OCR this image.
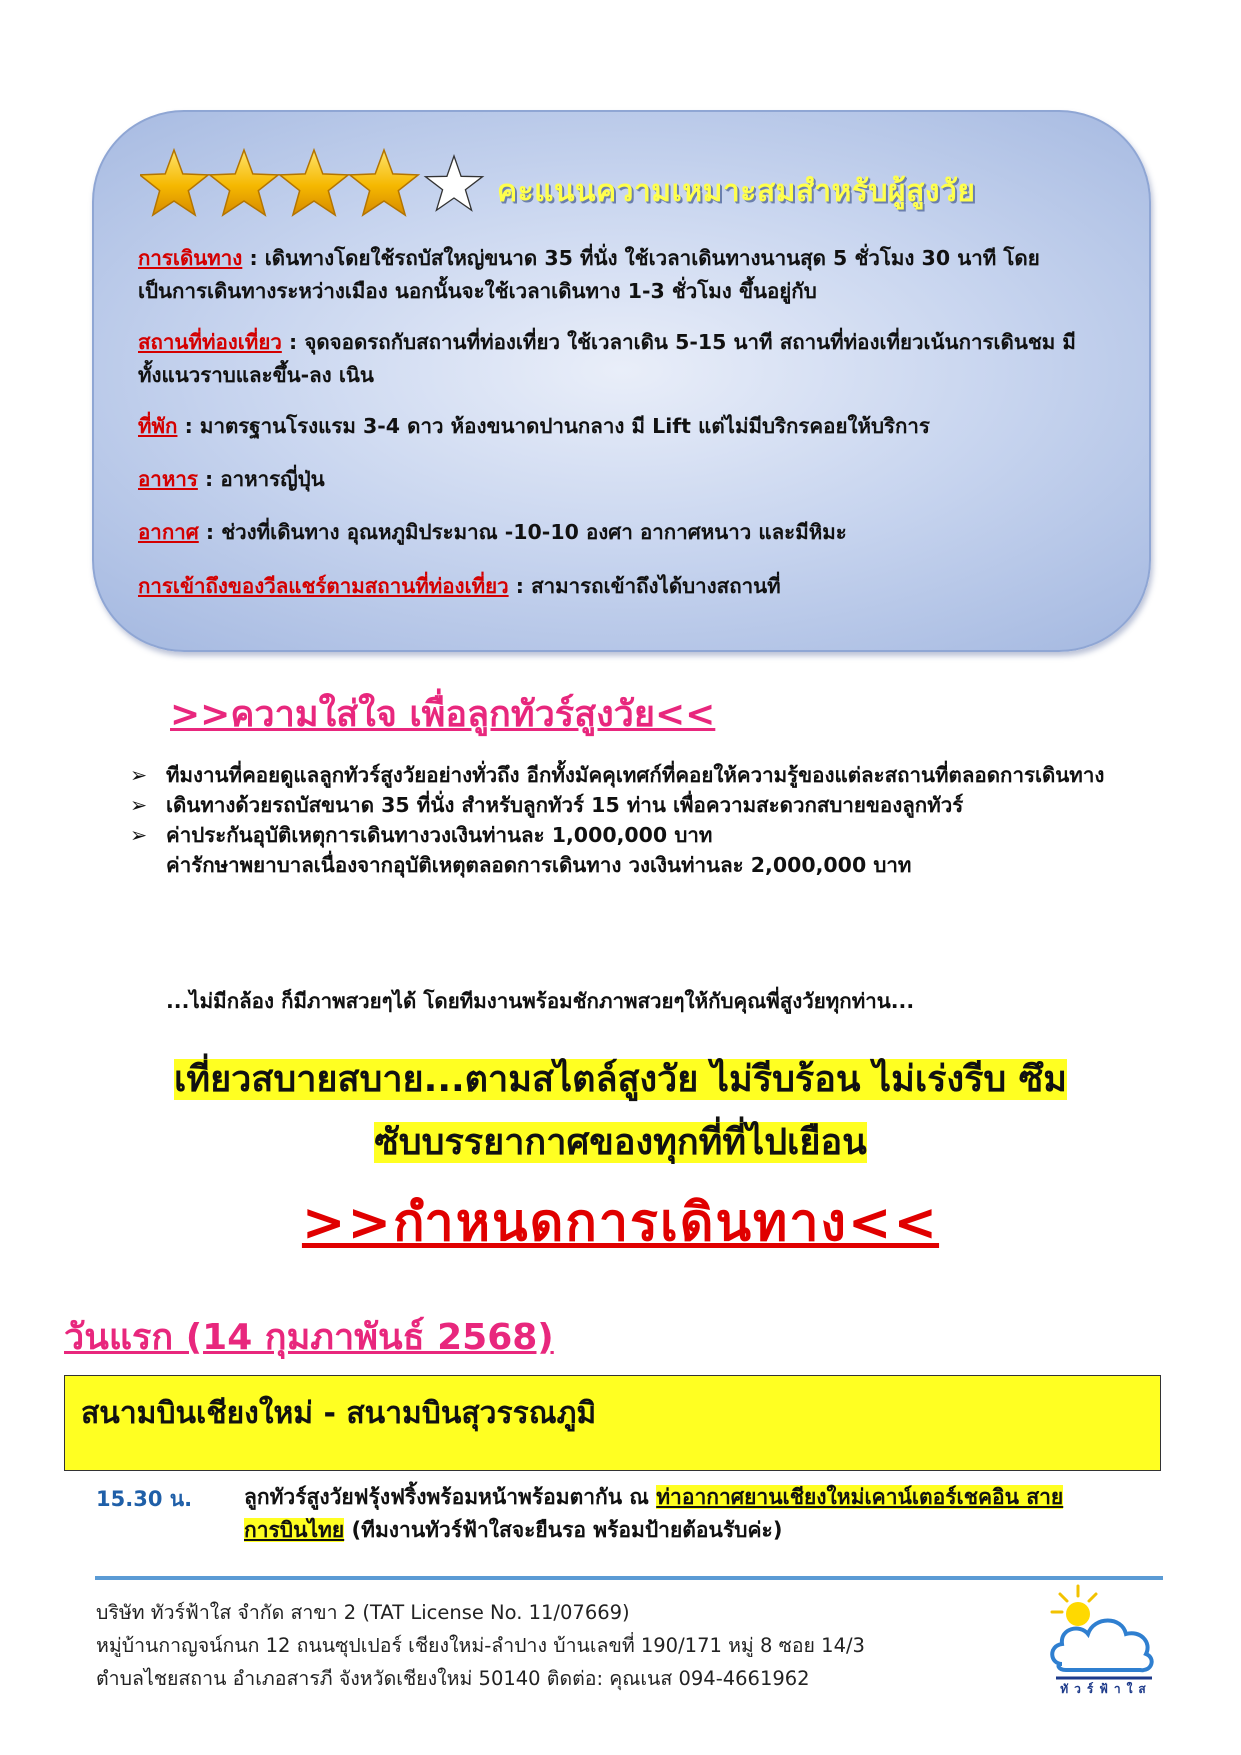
คะแนนความเหมาะสมสำหรับผู้สูงวัย
การเดินทาง : เดินทางโดยใช้รถบัสใหญ่ขนาด 35 ที่นั่ง ใช้เวลาเดินทางนานสุด 5 ชั่วโมง 30 นาที โดยเป็นการเดินทางระหว่างเมือง นอกนั้นจะใช้เวลาเดินทาง 1-3 ชั่วโมง ขึ้นอยู่กับ
สถานที่ท่องเที่ยว : จุดจอดรถกับสถานที่ท่องเที่ยว ใช้เวลาเดิน 5-15 นาที สถานที่ท่องเที่ยวเน้นการเดินชม มีทั้งแนวราบและขึ้น-ลง เนิน
ที่พัก : มาตรฐานโรงแรม 3-4 ดาว ห้องขนาดปานกลาง มี Lift แต่ไม่มีบริกรคอยให้บริการ
อาหาร : อาหารญี่ปุ่น
อากาศ : ช่วงที่เดินทาง อุณหภูมิประมาณ -10-10 องศา อากาศหนาว และมีหิมะ
การเข้าถึงของวีลแชร์ตามสถานที่ท่องเที่ยว : สามารถเข้าถึงได้บางสถานที่
>>ความใส่ใจ เพื่อลูกทัวร์สูงวัย<<
➢ ทีมงานที่คอยดูแลลูกทัวร์สูงวัยอย่างทั่วถึง อีกทั้งมัคคุเทศก์ที่คอยให้ความรู้ของแต่ละสถานที่ตลอดการเดินทาง
➢ เดินทางด้วยรถบัสขนาด 35 ที่นั่ง สำหรับลูกทัวร์ 15 ท่าน เพื่อความสะดวกสบายของลูกทัวร์
➢ ค่าประกันอุบัติเหตุการเดินทางวงเงินท่านละ 1,000,000 บาท
ค่ารักษาพยาบาลเนื่องจากอุบัติเหตุตลอดการเดินทาง วงเงินท่านละ 2,000,000 บาท
...ไม่มีกล้อง ก็มีภาพสวยๆได้ โดยทีมงานพร้อมชักภาพสวยๆให้กับคุณพี่สูงวัยทุกท่าน...
เที่ยวสบายสบาย...ตามสไตล์สูงวัย ไม่รีบร้อน ไม่เร่งรีบ ซึม
ซับบรรยากาศของทุกที่ที่ไปเยือน
>>กำหนดการเดินทาง<<
วันแรก (14 กุมภาพันธ์ 2568)
สนามบินเชียงใหม่ - สนามบินสุวรรณภูมิ
15.30 น. ลูกทัวร์สูงวัยฟรุ้งฟริ้งพร้อมหน้าพร้อมตากัน ณ ท่าอากาศยานเชียงใหม่เคาน์เตอร์เชคอิน สายการบินไทย (ทีมงานทัวร์ฟ้าใสจะยืนรอ พร้อมป้ายต้อนรับค่ะ)
บริษัท ทัวร์ฟ้าใส จำกัด สาขา 2 (TAT License No. 11/07669)
หมู่บ้านกาญจน์กนก 12 ถนนซุปเปอร์ เชียงใหม่-ลำปาง บ้านเลขที่ 190/171 หมู่ 8 ซอย 14/3
ตำบลไชยสถาน อำเภอสารภี จังหวัดเชียงใหม่ 50140 ติดต่อ: คุณเนส 094-4661962	ทัวร์ฟ้าใส
